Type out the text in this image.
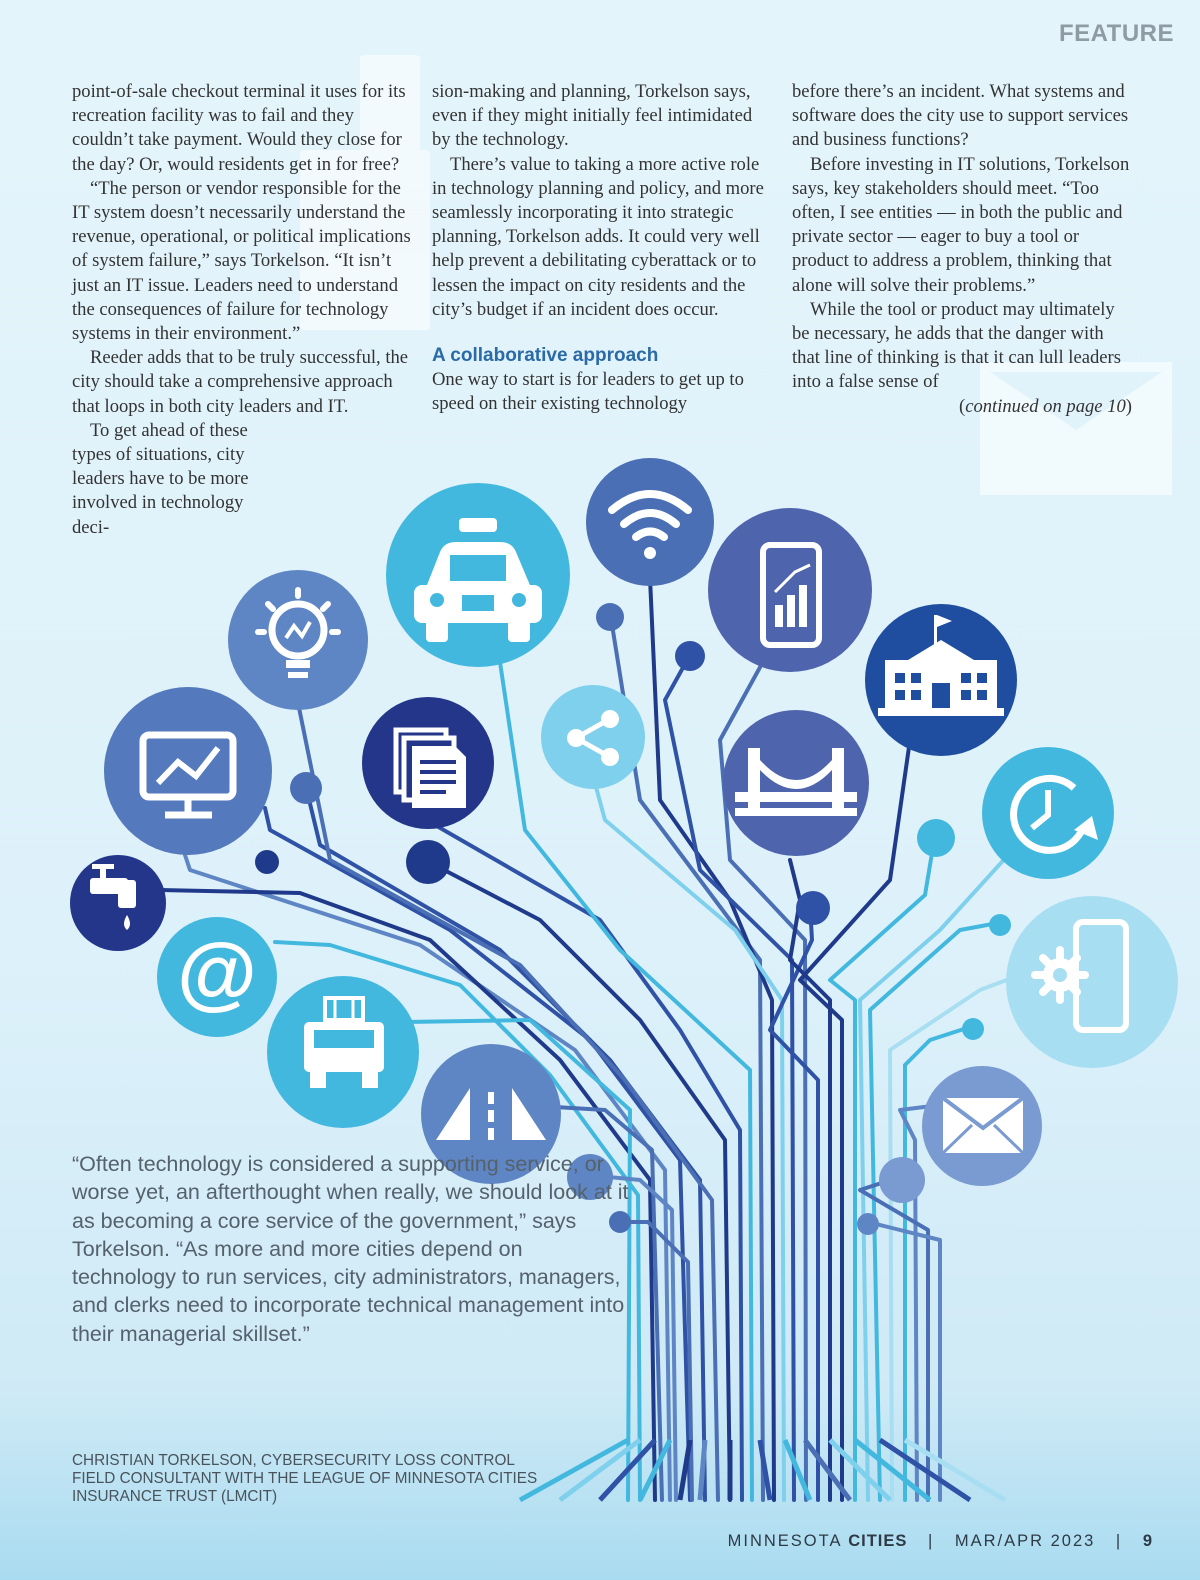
FEATURE
@

point-of-sale checkout terminal it uses for its recreation facility was to fail and they couldn’t take payment. Would they close for the day? Or, would residents get in for free?

“The person or vendor responsible for the IT system doesn’t necessarily understand the revenue, operational, or political implications of system failure,” says Torkelson. “It isn’t just an IT issue. Leaders need to understand the consequences of failure for technology systems in their environment.”

Reeder adds that to be truly successful, the city should take a comprehensive approach that loops in both city leaders and IT.

To get ahead of these types of situations, city leaders have to be more involved in technology deci-

sion-making and planning, Torkelson says, even if they might initially feel intimidated by the technology.

There’s value to taking a more active role in technology planning and policy, and more seamlessly incorporating it into strategic planning, Torkelson adds. It could very well help prevent a debilitating cyberattack or to lessen the impact on city residents and the city’s budget if an incident does occur.

A collaborative approach

One way to start is for leaders to get up to speed on their existing technology

before there’s an incident. What systems and software does the city use to support services and business functions?

Before investing in IT solutions, Torkelson says, key stakeholders should meet. “Too often, I see entities — in both the public and private sector — eager to buy a tool or product to address a problem, thinking that alone will solve their problems.”

While the tool or product may ultimately be necessary, he adds that the danger with that line of thinking is that it can lull leaders into a false sense of

(continued on page 10)

“Often technology is considered a supporting service, or worse yet, an afterthought when really, we should look at it as becoming a core service of the government,” says Torkelson. “As more and more cities depend on technology to run services, city administrators, managers, and clerks need to incorporate technical management into their managerial skillset.”

CHRISTIAN TORKELSON, CYBERSECURITY LOSS CONTROL FIELD CONSULTANT WITH THE LEAGUE OF MINNESOTA CITIES INSURANCE TRUST (LMCIT)
MINNESOTA CITIES | MAR/APR 2023 | 9
